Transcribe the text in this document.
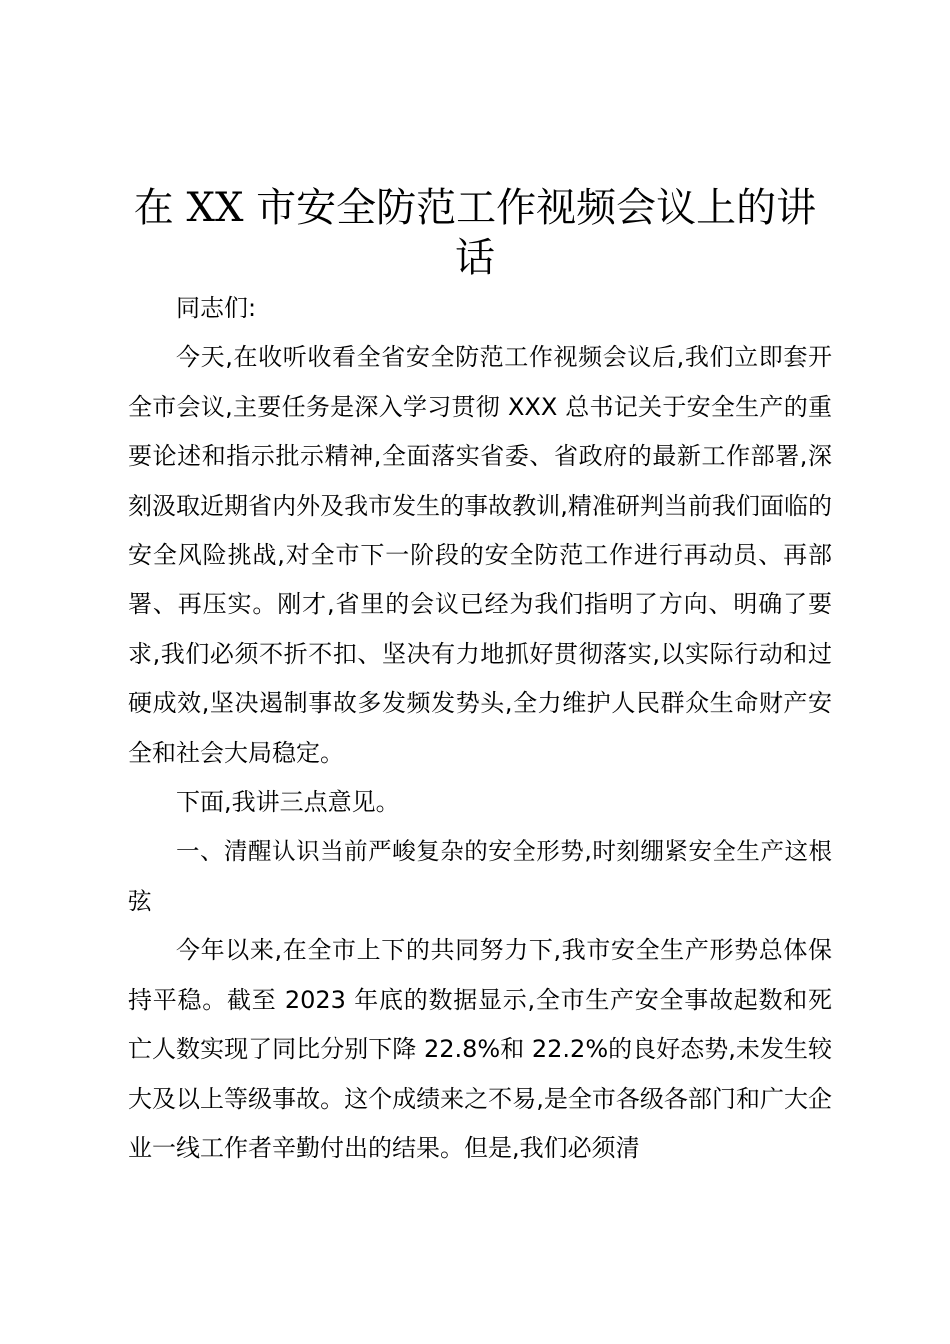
在 XX 市安全防范工作视频会议上的讲话

同志们:

今天,在收听收看全省安全防范工作视频会议后,我们立即套开全市会议,主要任务是深入学习贯彻 XXX 总书记关于安全生产的重要论述和指示批示精神,全面落实省委、省政府的最新工作部署,深刻汲取近期省内外及我市发生的事故教训,精准研判当前我们面临的安全风险挑战,对全市下一阶段的安全防范工作进行再动员、再部署、再压实。刚才,省里的会议已经为我们指明了方向、明确了要求,我们必须不折不扣、坚决有力地抓好贯彻落实,以实际行动和过硬成效,坚决遏制事故多发频发势头,全力维护人民群众生命财产安全和社会大局稳定。

下面,我讲三点意见。

一、清醒认识当前严峻复杂的安全形势,时刻绷紧安全生产这根弦

今年以来,在全市上下的共同努力下,我市安全生产形势总体保持平稳。截至 2023 年底的数据显示,全市生产安全事故起数和死亡人数实现了同比分别下降 22.8%和 22.2%的良好态势,未发生较大及以上等级事故。这个成绩来之不易,是全市各级各部门和广大企业一线工作者辛勤付出的结果。但是,我们必须清
